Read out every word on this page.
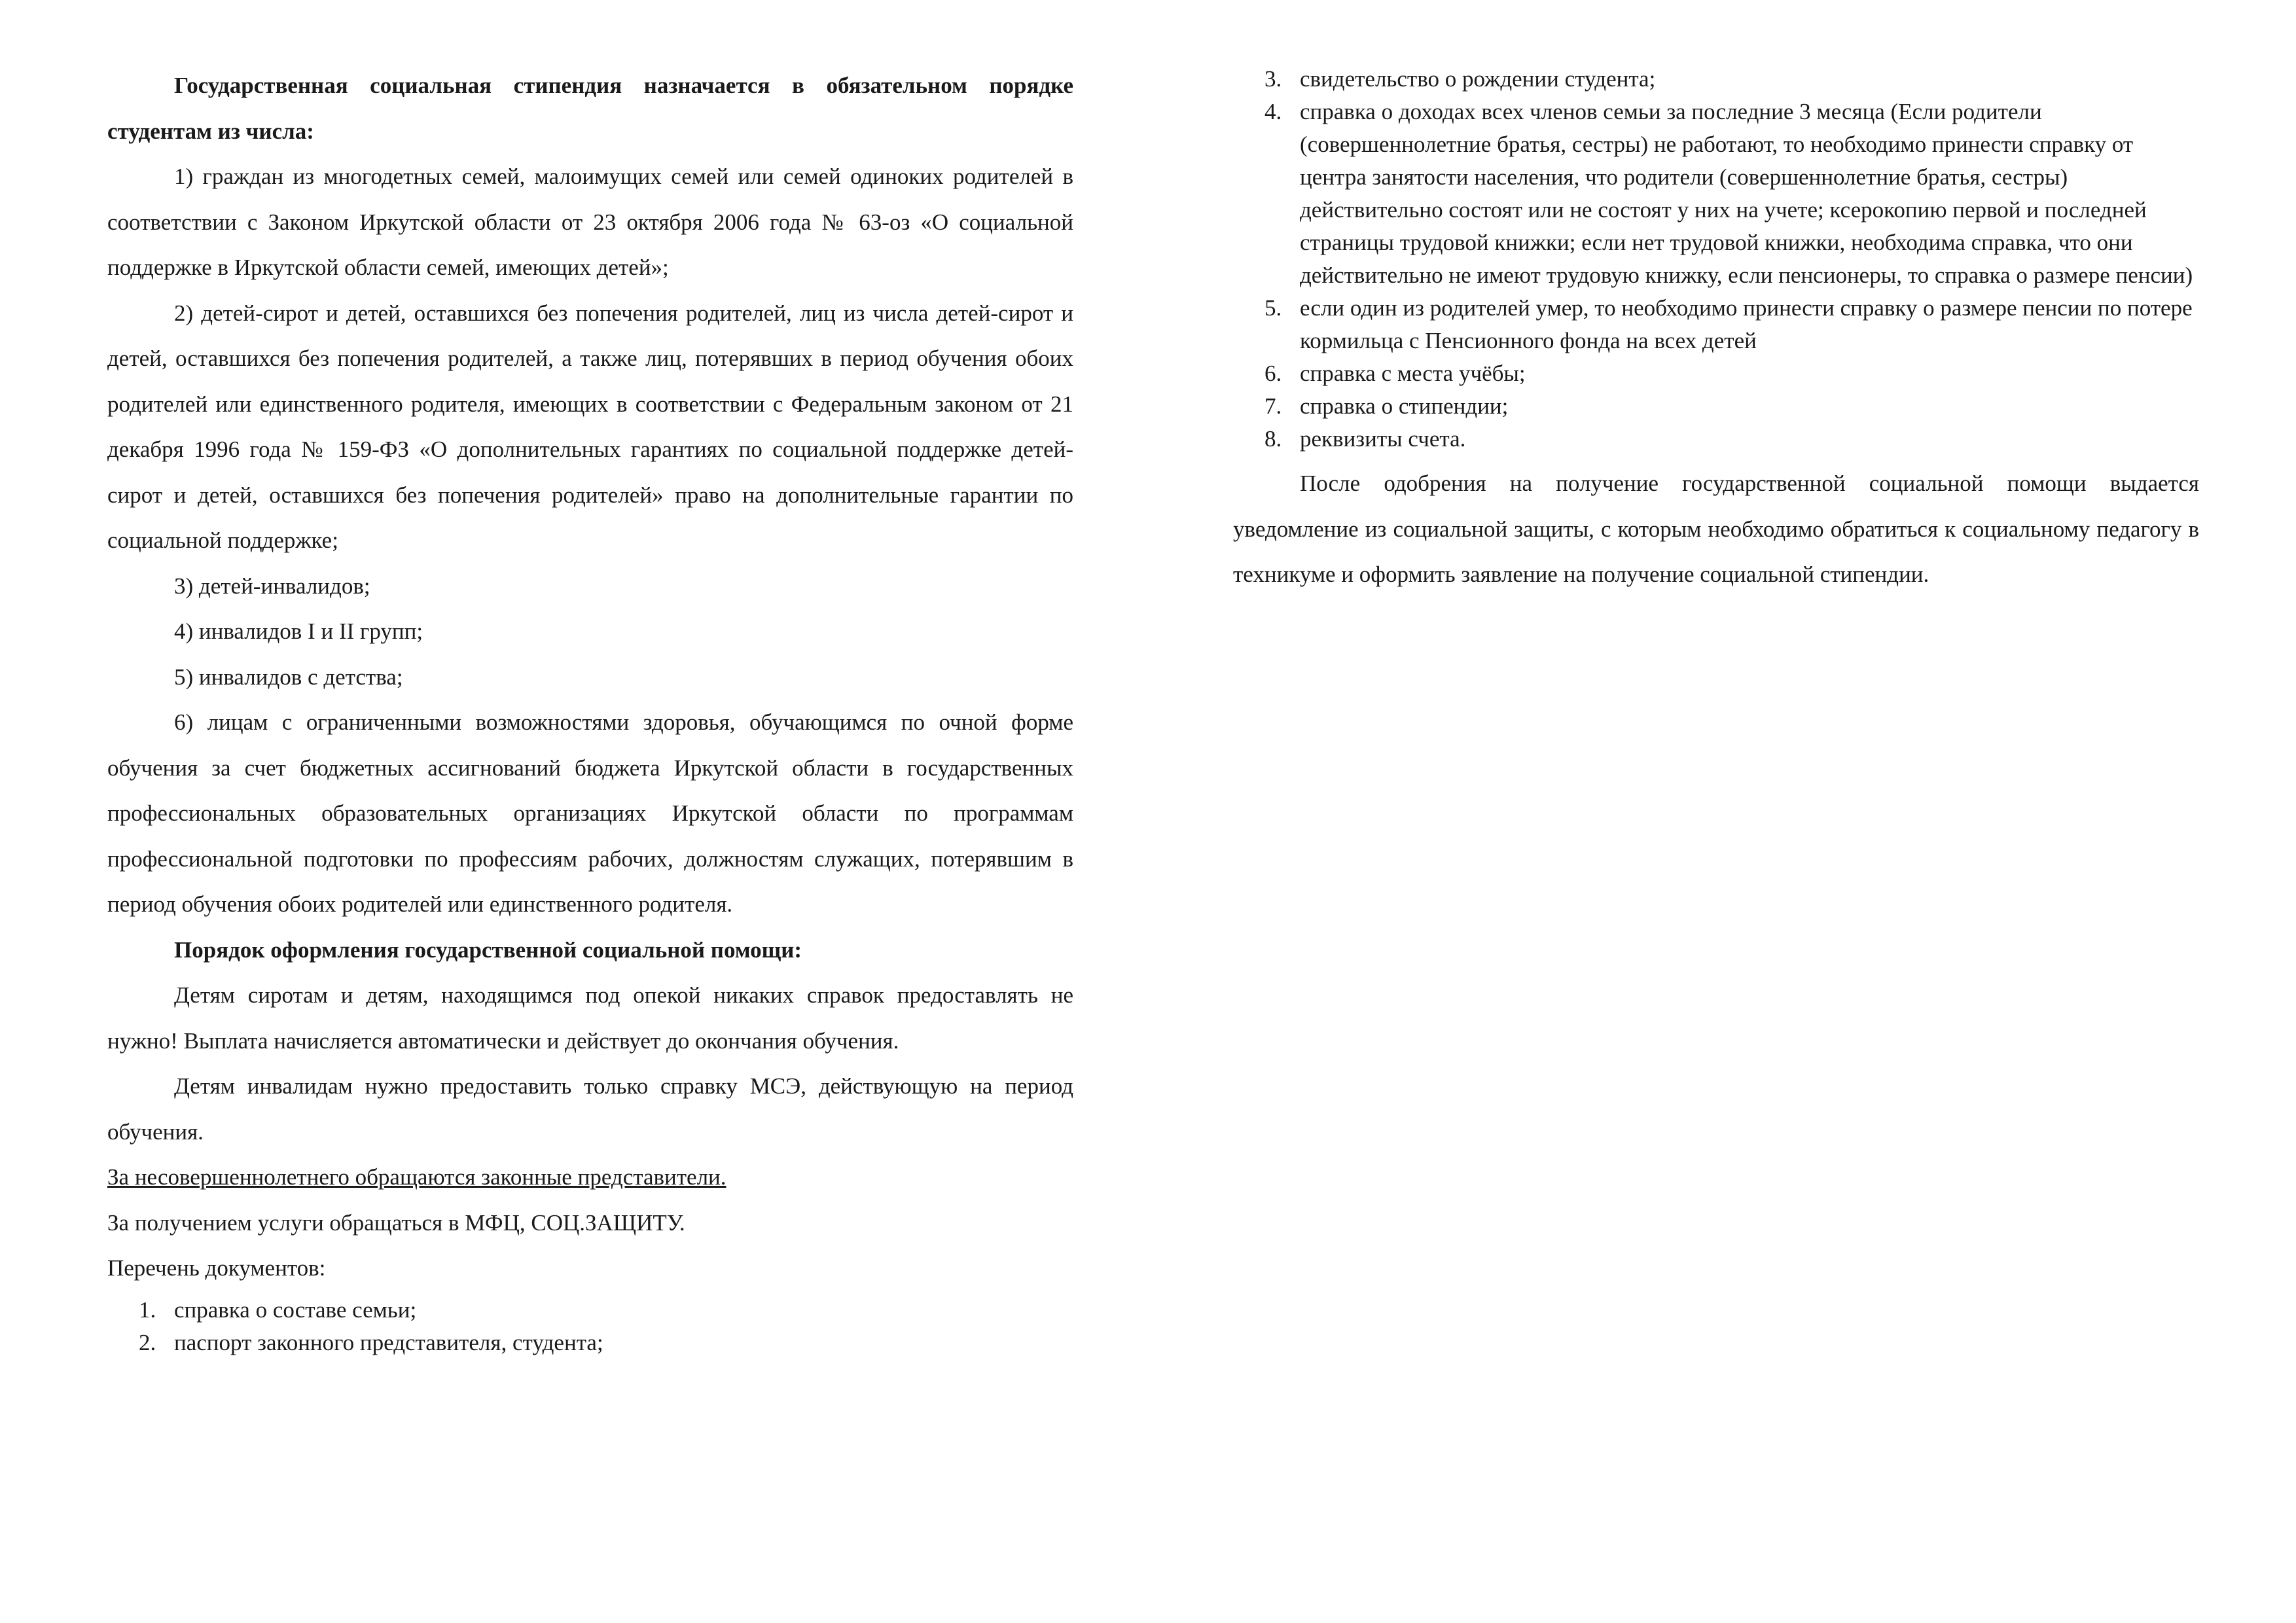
Государственная социальная стипендия назначается в обязательном порядке студентам из числа:

1) граждан из многодетных семей, малоимущих семей или семей одиноких родителей в соответствии с Законом Иркутской области от 23 октября 2006 года № 63-оз «О социальной поддержке в Иркутской области семей, имеющих детей»;

2) детей-сирот и детей, оставшихся без попечения родителей, лиц из числа детей-сирот и детей, оставшихся без попечения родителей, а также лиц, потерявших в период обучения обоих родителей или единственного родителя, имеющих в соответствии с Федеральным законом от 21 декабря 1996 года № 159-ФЗ «О дополнительных гарантиях по социальной поддержке детей-сирот и детей, оставшихся без попечения родителей» право на дополнительные гарантии по социальной поддержке;

3) детей-инвалидов;

4) инвалидов I и II групп;

5) инвалидов с детства;

6) лицам с ограниченными возможностями здоровья, обучающимся по очной форме обучения за счет бюджетных ассигнований бюджета Иркутской области в государственных профессиональных образовательных организациях Иркутской области по программам профессиональной подготовки по профессиям рабочих, должностям служащих, потерявшим в период обучения обоих родителей или единственного родителя.

Порядок оформления государственной социальной помощи:

Детям сиротам и детям, находящимся под опекой никаких справок предоставлять не нужно! Выплата начисляется автоматически и действует до окончания обучения.

Детям инвалидам нужно предоставить только справку МСЭ, действующую на период обучения.

За несовершеннолетнего обращаются законные представители.

За получением услуги обращаться в МФЦ, СОЦ.ЗАЩИТУ.

Перечень документов:

1. справка о составе семьи;
2. паспорт законного представителя, студента;
3. свидетельство о рождении студента;
4. справка о доходах всех членов семьи за последние 3 месяца (Если родители (совершеннолетние братья, сестры) не работают, то необходимо принести справку от центра занятости населения, что родители (совершеннолетние братья, сестры) действительно состоят или не состоят у них на учете; ксерокопию первой и последней страницы трудовой книжки; если нет трудовой книжки, необходима справка, что они действительно не имеют трудовую книжку, если пенсионеры, то справка о размере пенсии)
5. если один из родителей умер, то необходимо принести справку о размере пенсии по потере кормильца с Пенсионного фонда на всех детей
6. справка с места учёбы;
7. справка о стипендии;
8. реквизиты счета.

После одобрения на получение государственной социальной помощи выдается уведомление из социальной защиты, с которым необходимо обратиться к социальному педагогу в техникуме и оформить заявление на получение социальной стипендии.
